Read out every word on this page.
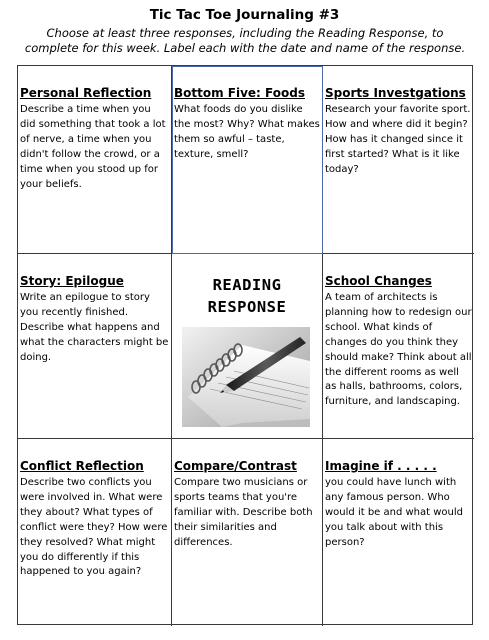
Tic Tac Toe Journaling #3
Choose at least three responses, including the Reading Response, to complete for this week. Label each with the date and name of the response.
Personal Reflection
Describe a time when you did something that took a lot of nerve, a time when you didn't follow the crowd, or a time when you stood up for your beliefs.
Bottom Five: Foods
What foods do you dislike the most? Why? What makes them so awful – taste, texture, smell?
Sports Investgations
Research your favorite sport. How and where did it begin? How has it changed since it first started? What is it like today?
Story: Epilogue
Write an epilogue to story you recently finished. Describe what happens and what the characters might be doing.
READING RESPONSE
School Changes
A team of architects is planning how to redesign our school. What kinds of changes do you think they should make? Think about all the different rooms as well as halls, bathrooms, colors, furniture, and landscaping.
Conflict Reflection
Describe two conflicts you were involved in. What were they about? What types of conflict were they? How were they resolved? What might you do differently if this happened to you again?
Compare/Contrast
Compare two musicians or sports teams that you're familiar with. Describe both their similarities and differences.
Imagine if . . . . .
you could have lunch with any famous person. Who would it be and what would you talk about with this person?
